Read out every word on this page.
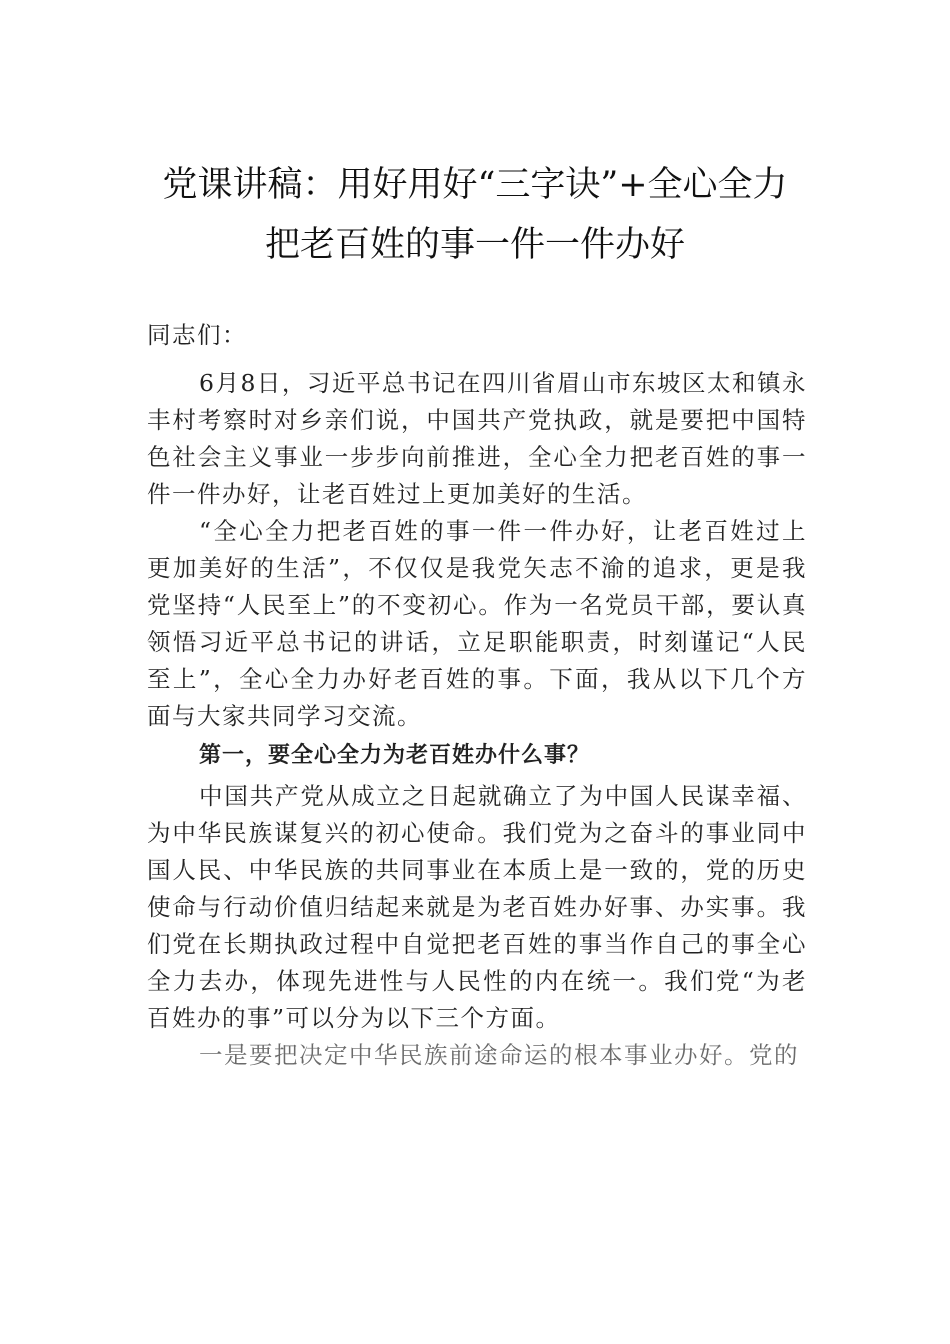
党课讲稿：用好用好“三字诀”+全心全力
把老百姓的事一件一件办好

同志们：

6月8日，习近平总书记在四川省眉山市东坡区太和镇永丰村考察时对乡亲们说，中国共产党执政，就是要把中国特色社会主义事业一步步向前推进，全心全力把老百姓的事一件一件办好，让老百姓过上更加美好的生活。

“全心全力把老百姓的事一件一件办好，让老百姓过上更加美好的生活”，不仅仅是我党矢志不渝的追求，更是我党坚持“人民至上”的不变初心。作为一名党员干部，要认真领悟习近平总书记的讲话，立足职能职责，时刻谨记“人民至上”，全心全力办好老百姓的事。下面，我从以下几个方面与大家共同学习交流。

第一，要全心全力为老百姓办什么事？

中国共产党从成立之日起就确立了为中国人民谋幸福、为中华民族谋复兴的初心使命。我们党为之奋斗的事业同中国人民、中华民族的共同事业在本质上是一致的，党的历史使命与行动价值归结起来就是为老百姓办好事、办实事。我们党在长期执政过程中自觉把老百姓的事当作自己的事全心全力去办，体现先进性与人民性的内在统一。我们党“为老百姓办的事”可以分为以下三个方面。

一是要把决定中华民族前途命运的根本事业办好。党的
